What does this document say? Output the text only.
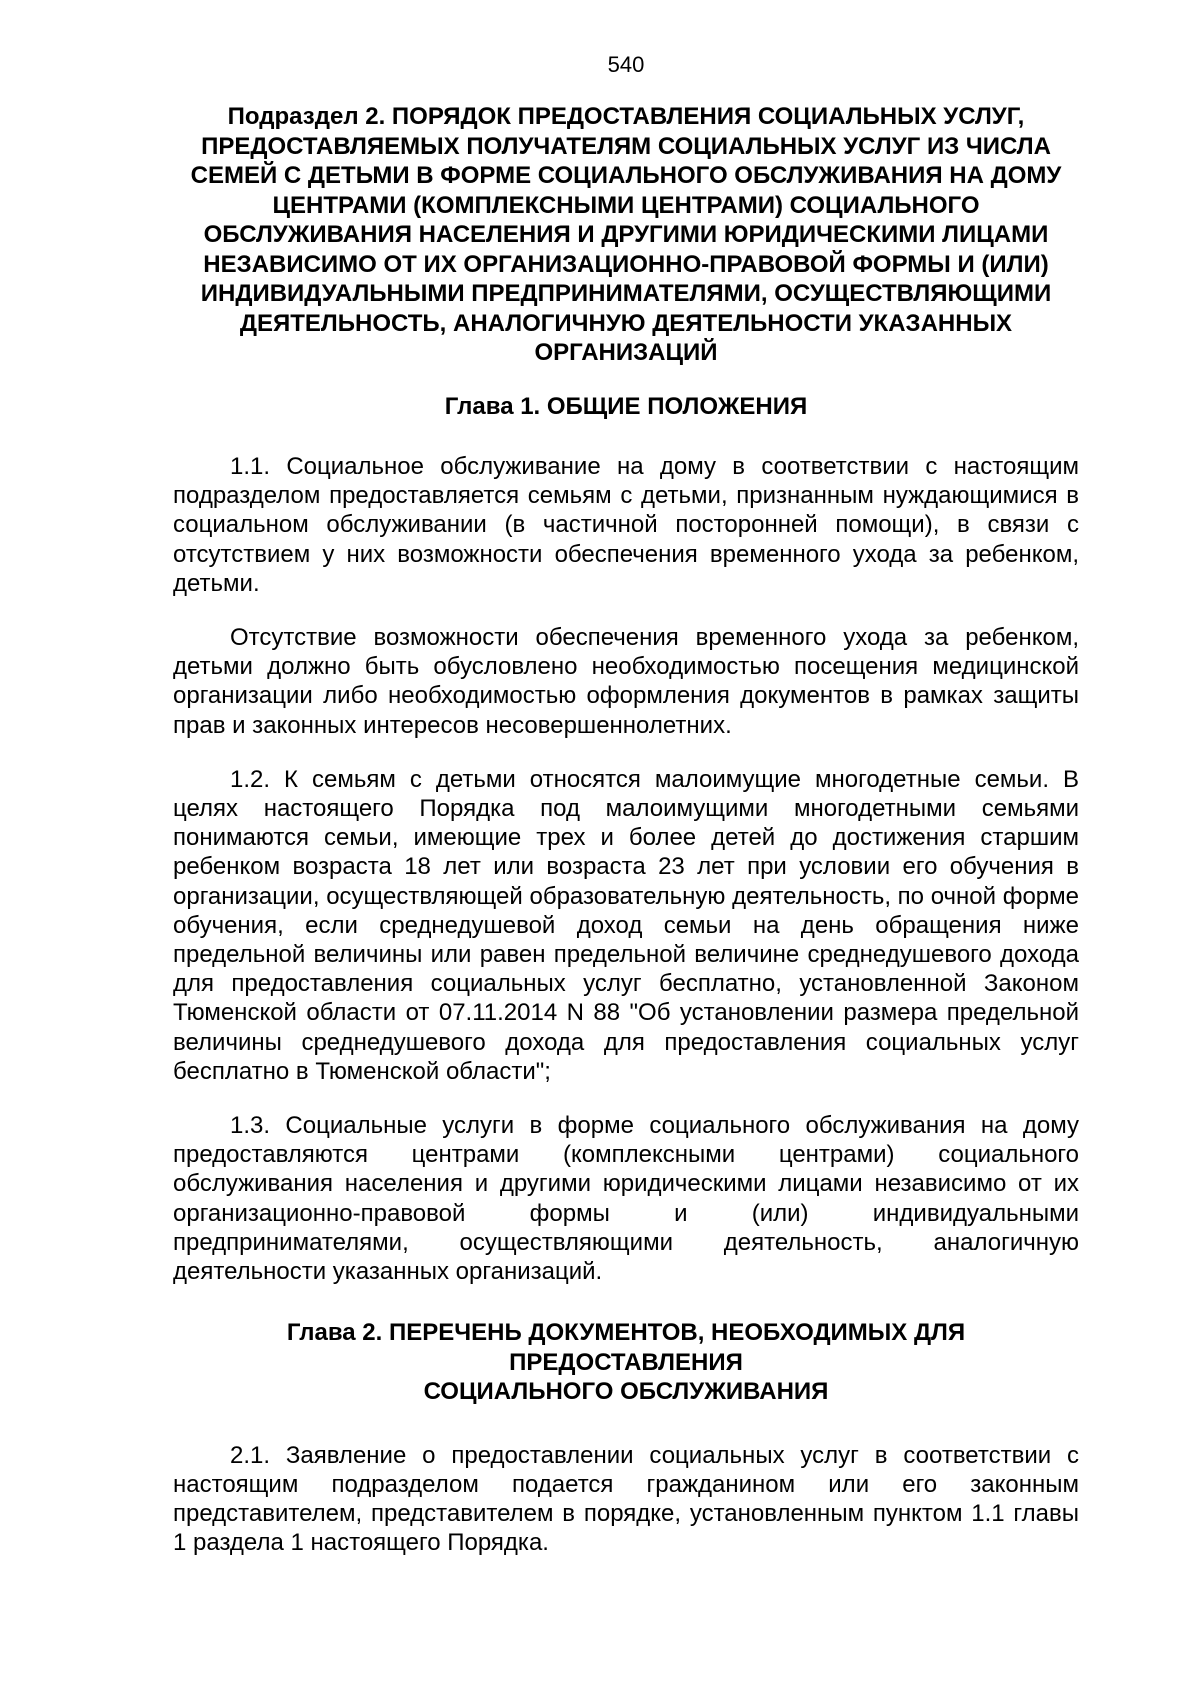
540
Подраздел 2. ПОРЯДОК ПРЕДОСТАВЛЕНИЯ СОЦИАЛЬНЫХ УСЛУГ, ПРЕДОСТАВЛЯЕМЫХ ПОЛУЧАТЕЛЯМ СОЦИАЛЬНЫХ УСЛУГ ИЗ ЧИСЛА СЕМЕЙ С ДЕТЬМИ В ФОРМЕ СОЦИАЛЬНОГО ОБСЛУЖИВАНИЯ НА ДОМУ ЦЕНТРАМИ (КОМПЛЕКСНЫМИ ЦЕНТРАМИ) СОЦИАЛЬНОГО ОБСЛУЖИВАНИЯ НАСЕЛЕНИЯ И ДРУГИМИ ЮРИДИЧЕСКИМИ ЛИЦАМИ НЕЗАВИСИМО ОТ ИХ ОРГАНИЗАЦИОННО-ПРАВОВОЙ ФОРМЫ И (ИЛИ) ИНДИВИДУАЛЬНЫМИ ПРЕДПРИНИМАТЕЛЯМИ, ОСУЩЕСТВЛЯЮЩИМИ ДЕЯТЕЛЬНОСТЬ, АНАЛОГИЧНУЮ ДЕЯТЕЛЬНОСТИ УКАЗАННЫХ ОРГАНИЗАЦИЙ
Глава 1. ОБЩИЕ ПОЛОЖЕНИЯ

1.1. Социальное обслуживание на дому в соответствии с настоящим подразделом предоставляется семьям с детьми, признанным нуждающимися в социальном обслуживании (в частичной посторонней помощи), в связи с отсутствием у них возможности обеспечения временного ухода за ребенком, детьми.

Отсутствие возможности обеспечения временного ухода за ребенком, детьми должно быть обусловлено необходимостью посещения медицинской организации либо необходимостью оформления документов в рамках защиты прав и законных интересов несовершеннолетних.

1.2. К семьям с детьми относятся малоимущие многодетные семьи. В целях настоящего Порядка под малоимущими многодетными семьями понимаются семьи, имеющие трех и более детей до достижения старшим ребенком возраста 18 лет или возраста 23 лет при условии его обучения в организации, осуществляющей образовательную деятельность, по очной форме обучения, если среднедушевой доход семьи на день обращения ниже предельной величины или равен предельной величине среднедушевого дохода для предоставления социальных услуг бесплатно, установленной Законом Тюменской области от 07.11.2014 N 88 "Об установлении размера предельной величины среднедушевого дохода для предоставления социальных услуг бесплатно в Тюменской области";

1.3. Социальные услуги в форме социального обслуживания на дому предоставляются центрами (комплексными центрами) социального обслуживания населения и другими юридическими лицами независимо от их организационно-правовой формы и (или) индивидуальными предпринимателями, осуществляющими деятельность, аналогичную деятельности указанных организаций.

Глава 2. ПЕРЕЧЕНЬ ДОКУМЕНТОВ, НЕОБХОДИМЫХ ДЛЯ
ПРЕДОСТАВЛЕНИЯ
СОЦИАЛЬНОГО ОБСЛУЖИВАНИЯ

2.1. Заявление о предоставлении социальных услуг в соответствии с настоящим подразделом подается гражданином или его законным представителем, представителем в порядке, установленным пунктом 1.1 главы 1 раздела 1 настоящего Порядка.
